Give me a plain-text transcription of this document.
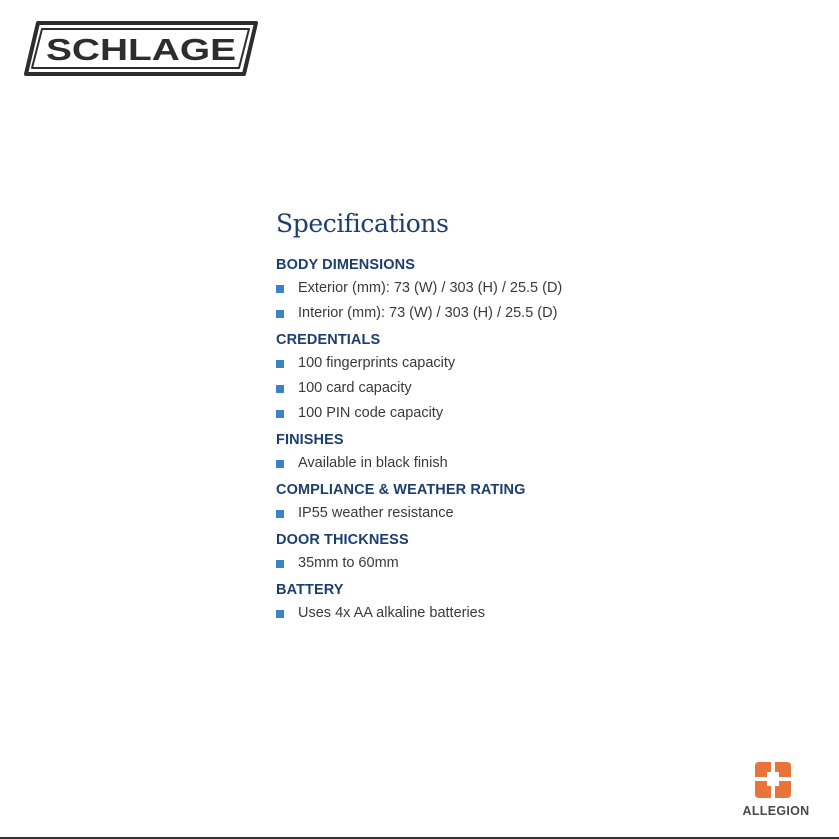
SCHLAGE
Specifications
BODY DIMENSIONS
Exterior (mm): 73 (W) / 303 (H) / 25.5 (D)
Interior (mm): 73 (W) / 303 (H) / 25.5 (D)
CREDENTIALS
100 fingerprints capacity
100 card capacity
100 PIN code capacity
FINISHES
Available in black finish
COMPLIANCE & WEATHER RATING
IP55 weather resistance
DOOR THICKNESS
35mm to 60mm
BATTERY
Uses 4x AA alkaline batteries
ALLEGION
